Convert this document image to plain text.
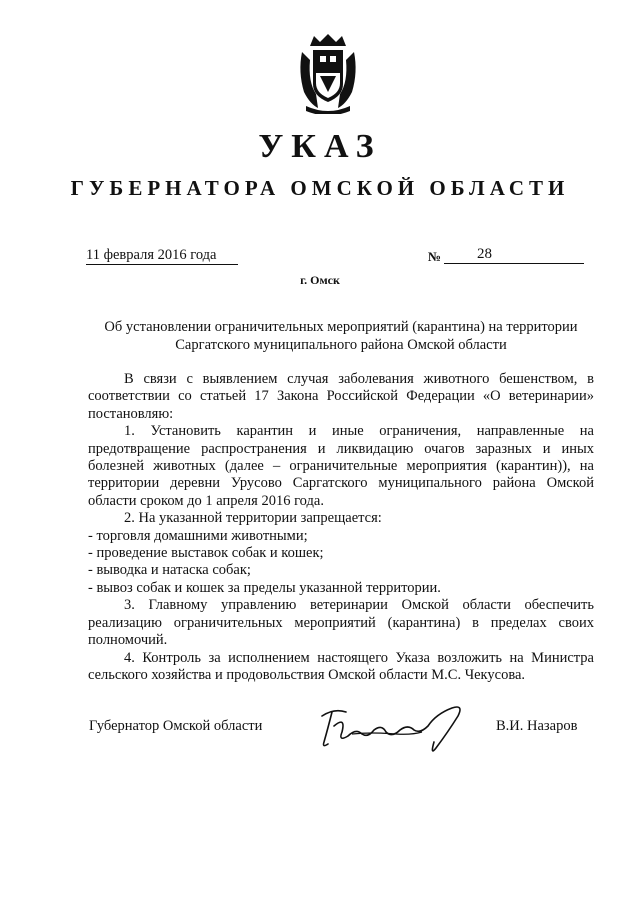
УКАЗ
ГУБЕРНАТОРА ОМСКОЙ ОБЛАСТИ
11 февраля 2016 года	№	28
г. Омск
Об установлении ограничительных мероприятий (карантина) на территории
Саргатского муниципального района Омской области

В связи с выявлением случая заболевания животного бешенством, в соответствии со статьей 17 Закона Российской Федерации «О ветеринарии» постановляю:

1. Установить карантин и иные ограничения, направленные на предотвращение распространения и ликвидацию очагов заразных и иных болезней животных (далее – ограничительные мероприятия (карантин)), на территории деревни Урусово Саргатского муниципального района Омской области сроком до 1 апреля 2016 года.

2. На указанной территории запрещается:

- торговля домашними животными;

- проведение выставок собак и кошек;

- выводка и натаска собак;

- вывоз собак и кошек за пределы указанной территории.

3. Главному управлению ветеринарии Омской области обеспечить реализацию ограничительных мероприятий (карантина) в пределах своих полномочий.

4. Контроль за исполнением настоящего Указа возложить на Министра сельского хозяйства и продовольствия Омской области М.С. Чекусова.

Губернатор Омской области	В.И. Назаров
